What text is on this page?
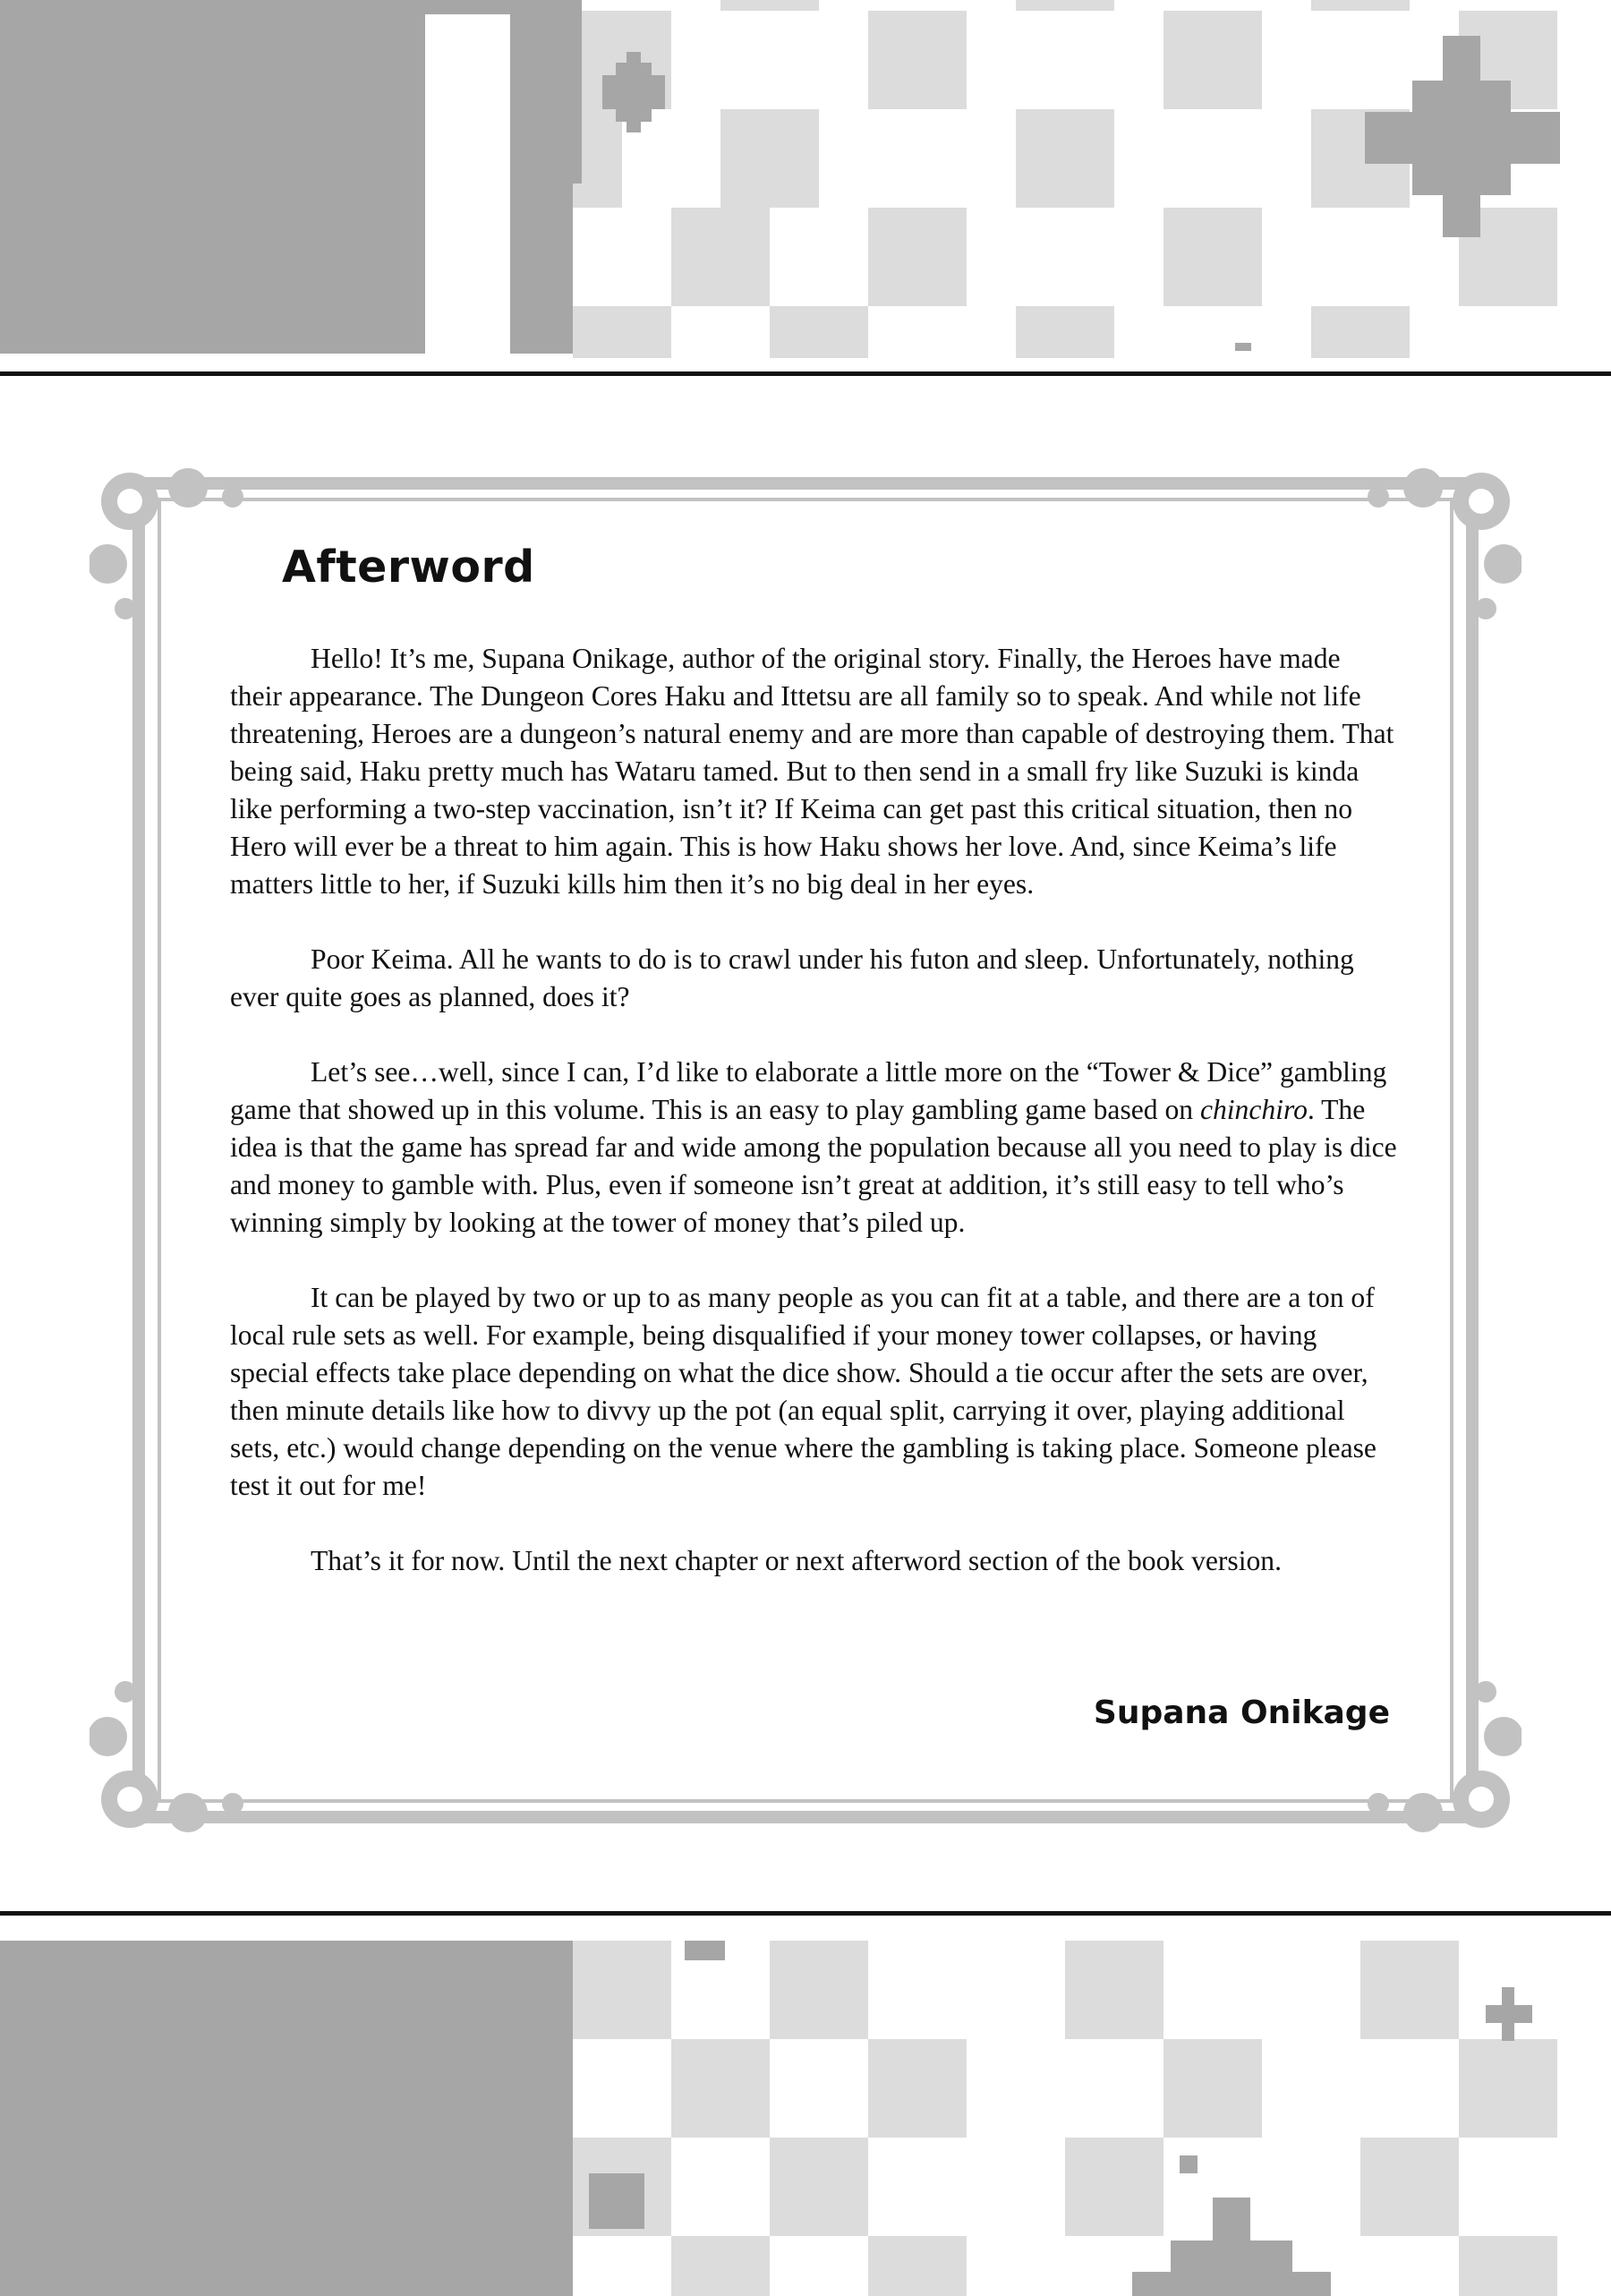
Afterword

Hello! It’s me, Supana Onikage, author of the original story. Finally, the Heroes have made their appearance. The Dungeon Cores Haku and Ittetsu are all family so to speak. And while not life threatening, Heroes are a dungeon’s natural enemy and are more than capable of destroying them. That being said, Haku pretty much has Wataru tamed. But to then send in a small fry like Suzuki is kinda like performing a two-step vaccination, isn’t it? If Keima can get past this critical situation, then no Hero will ever be a threat to him again. This is how Haku shows her love. And, since Keima’s life matters little to her, if Suzuki kills him then it’s no big deal in her eyes.

Poor Keima. All he wants to do is to crawl under his futon and sleep. Unfortunately, nothing ever quite goes as planned, does it?

Let’s see…well, since I can, I’d like to elaborate a little more on the “Tower & Dice” gambling game that showed up in this volume. This is an easy to play gambling game based on chinchiro. The idea is that the game has spread far and wide among the population because all you need to play is dice and money to gamble with. Plus, even if someone isn’t great at addition, it’s still easy to tell who’s winning simply by looking at the tower of money that’s piled up.

It can be played by two or up to as many people as you can fit at a table, and there are a ton of local rule sets as well. For example, being disqualified if your money tower collapses, or having special effects take place depending on what the dice show. Should a tie occur after the sets are over, then minute details like how to divvy up the pot (an equal split, carrying it over, playing additional sets, etc.) would change depending on the venue where the gambling is taking place. Someone please test it out for me!

That’s it for now. Until the next chapter or next afterword section of the book version.

Supana Onikage
